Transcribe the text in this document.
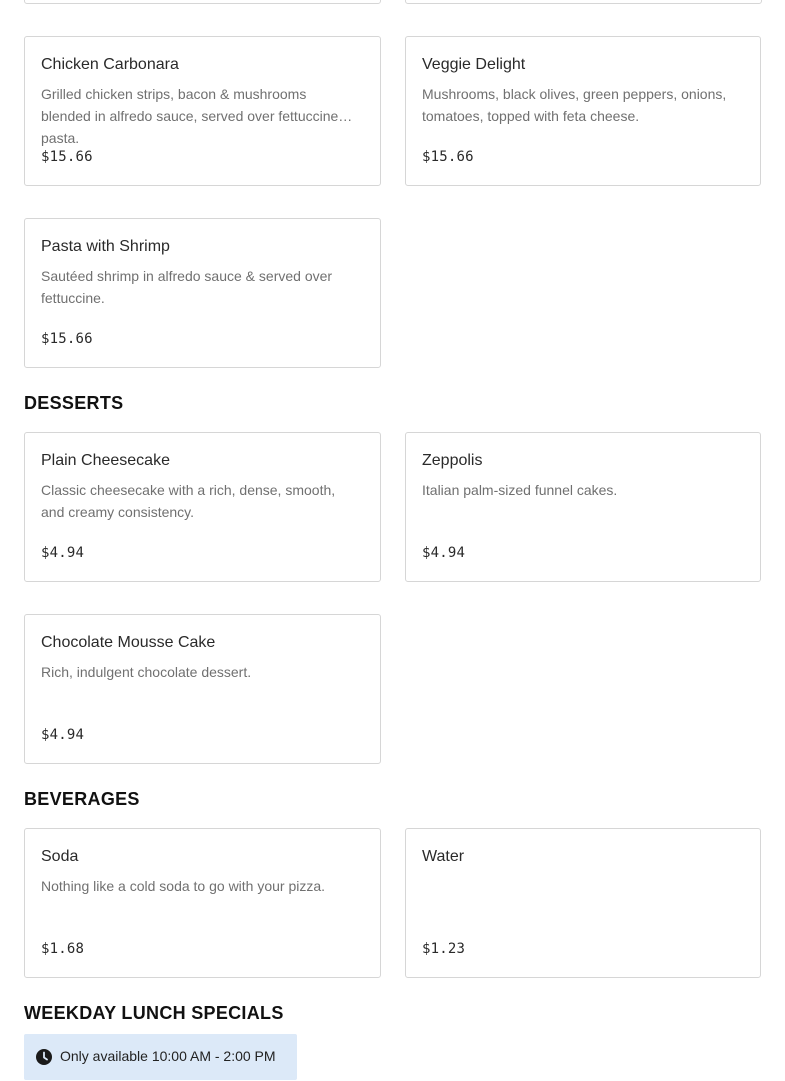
Chicken Carbonara
Grilled chicken strips, bacon & mushrooms blended in alfredo sauce, served over fettuccine pasta.
$15.66
Veggie Delight
Mushrooms, black olives, green peppers, onions, tomatoes, topped with feta cheese.
$15.66
Pasta with Shrimp
Sautéed shrimp in alfredo sauce & served over fettuccine.
$15.66
DESSERTS
Plain Cheesecake
Classic cheesecake with a rich, dense, smooth, and creamy consistency.
$4.94
Zeppolis
Italian palm-sized funnel cakes.
$4.94
Chocolate Mousse Cake
Rich, indulgent chocolate dessert.
$4.94
BEVERAGES
Soda
Nothing like a cold soda to go with your pizza.
$1.68
Water
$1.23
WEEKDAY LUNCH SPECIALS
Only available 10:00 AM - 2:00 PM
